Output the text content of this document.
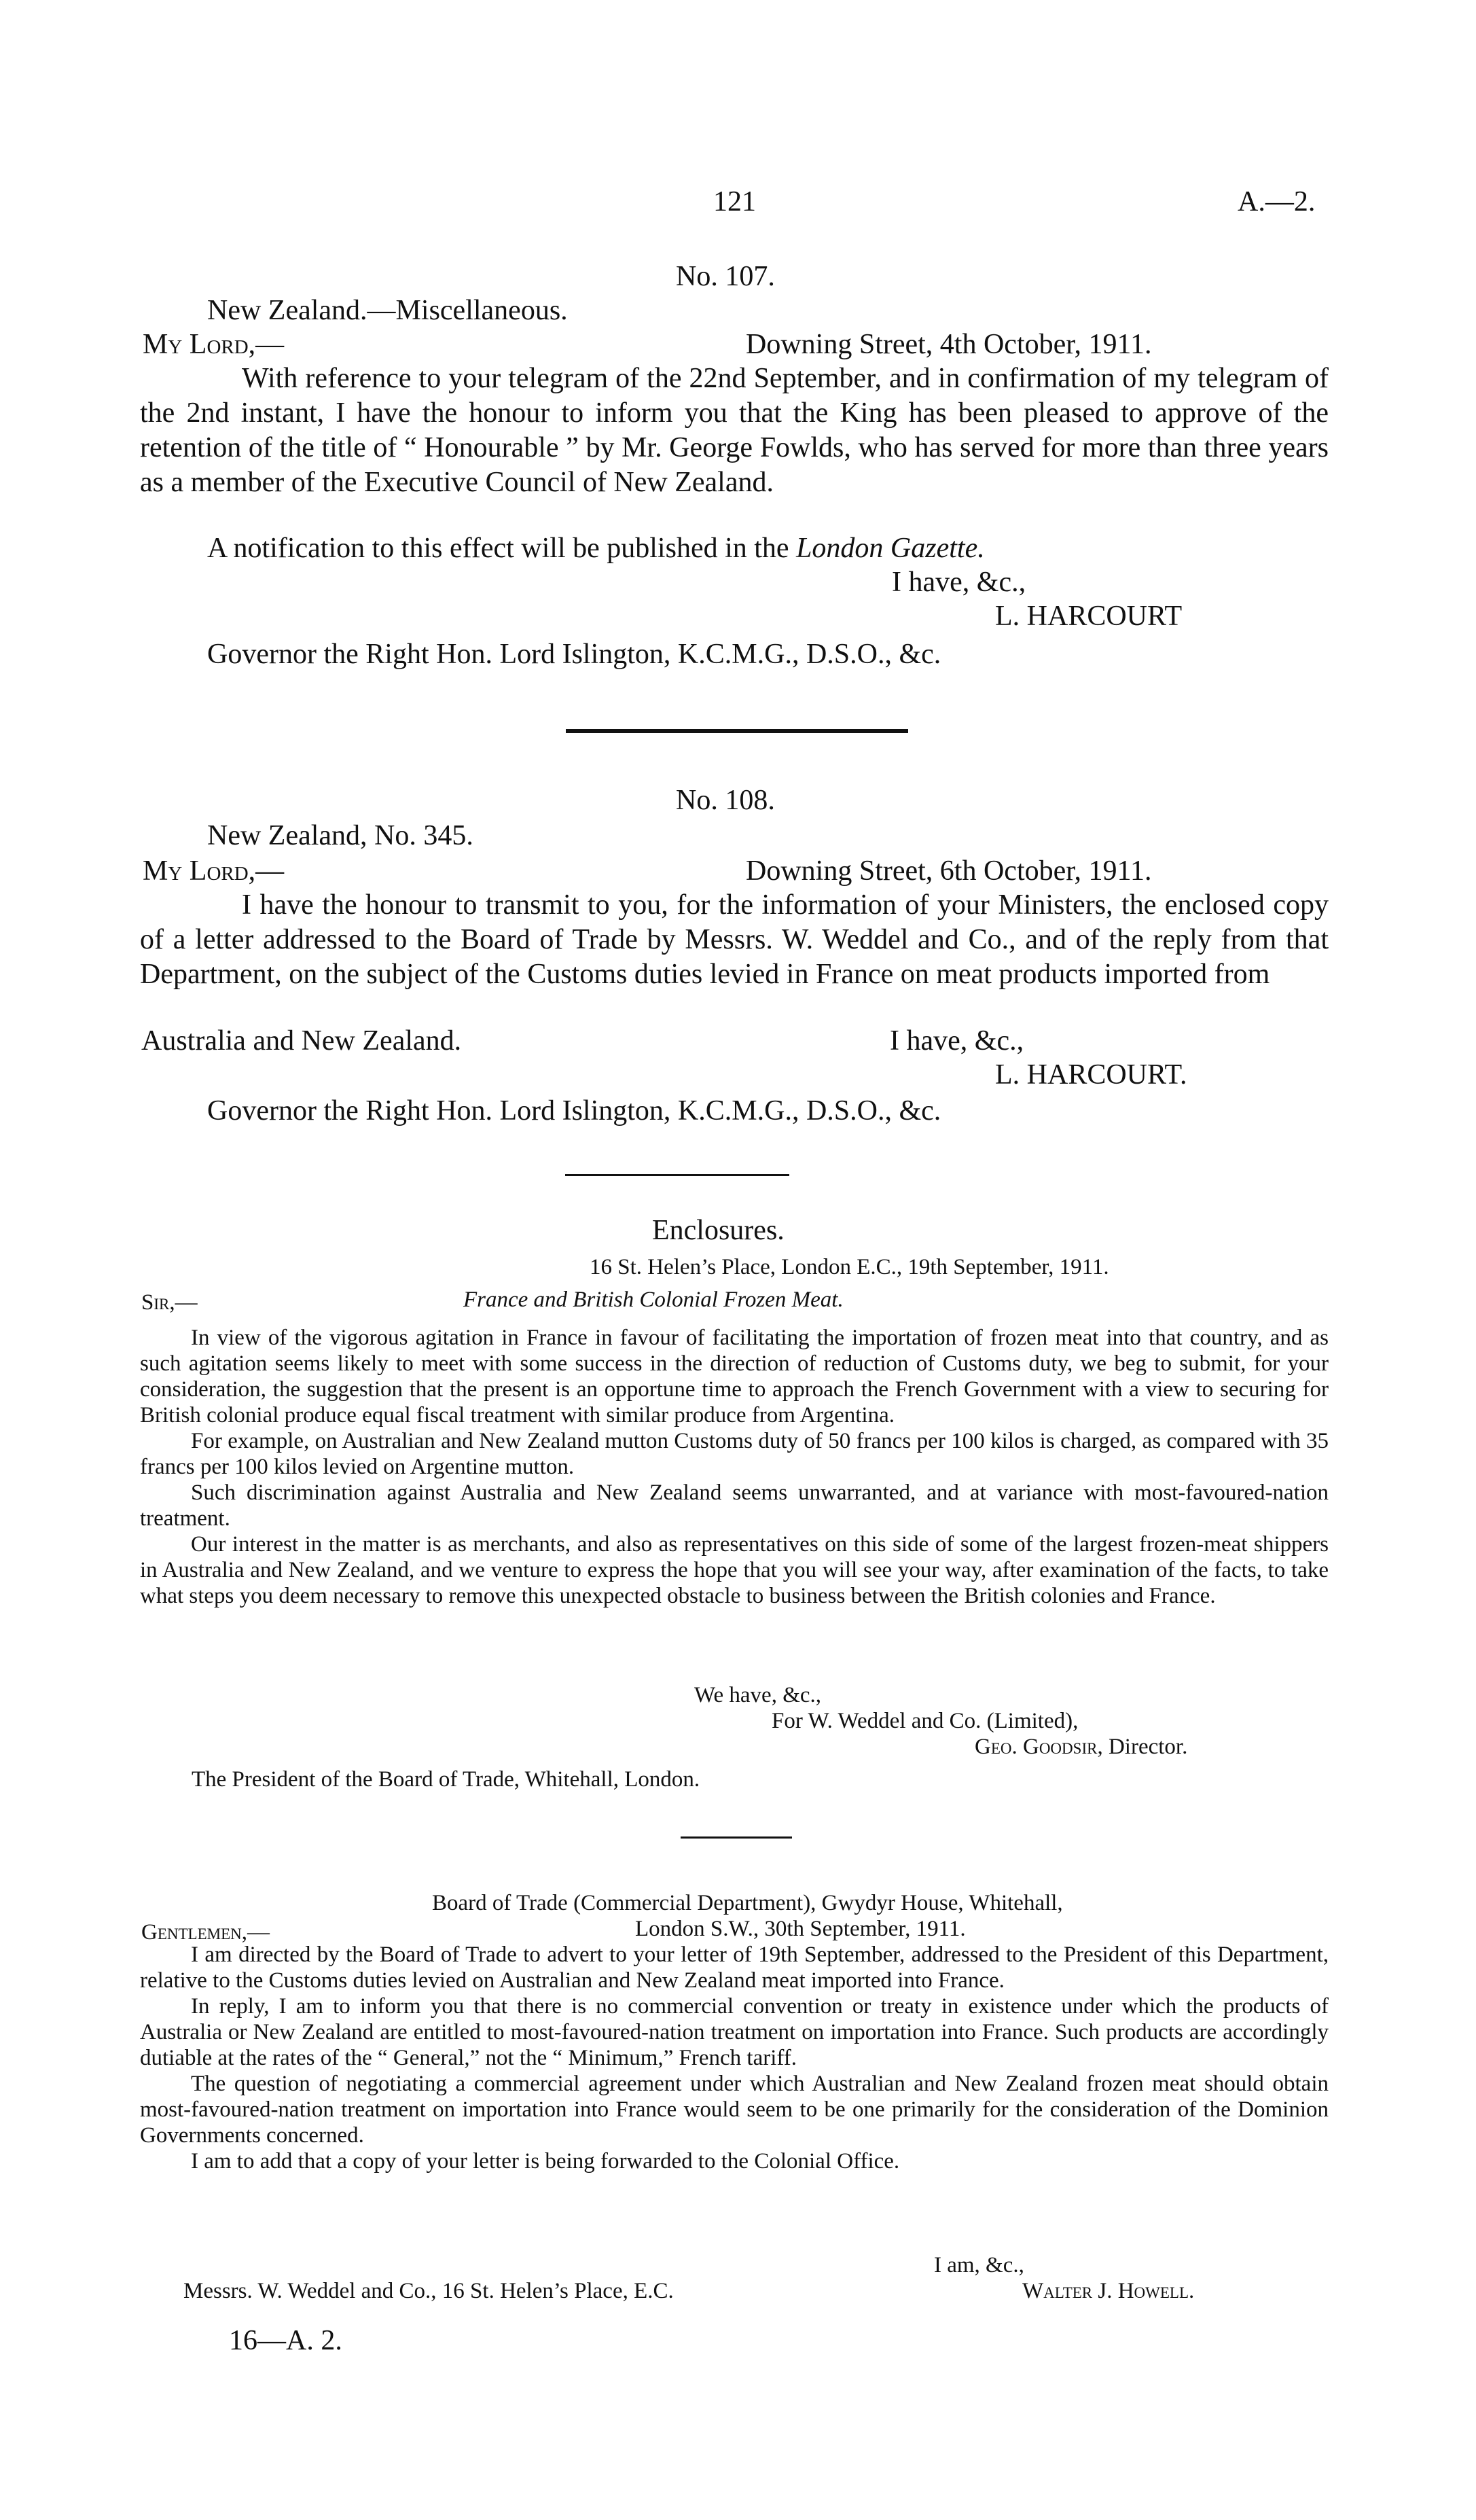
121	A.—2.
No. 107.
New Zealand.—Miscellaneous.
My Lord,—	Downing Street, 4th October, 1911.
With reference to your telegram of the 22nd September, and in confirmation of my telegram of the 2nd instant, I have the honour to inform you that the King has been pleased to approve of the retention of the title of “ Honourable ” by Mr. George Fowlds, who has served for more than three years as a member of the Executive Council of New Zealand.
A notification to this effect will be published in the London Gazette.
I have, &c.,
L. HARCOURT
Governor the Right Hon. Lord Islington, K.C.M.G., D.S.O., &c.
No. 108.
New Zealand, No. 345.
My Lord,—	Downing Street, 6th October, 1911.
I have the honour to transmit to you, for the information of your Ministers, the enclosed copy of a letter addressed to the Board of Trade by Messrs. W. Weddel and Co., and of the reply from that Department, on the subject of the Customs duties levied in France on meat products imported from
Australia and New Zealand.	I have, &c.,
L. HARCOURT.
Governor the Right Hon. Lord Islington, K.C.M.G., D.S.O., &c.
Enclosures.
16 St. Helen’s Place, London E.C., 19th September, 1911.
Sir,—	France and British Colonial Frozen Meat.
In view of the vigorous agitation in France in favour of facilitating the importation of frozen meat into that country, and as such agitation seems likely to meet with some success in the direction of reduction of Customs duty, we beg to submit, for your consideration, the suggestion that the present is an opportune time to approach the French Government with a view to securing for British colonial produce equal fiscal treatment with similar produce from Argentina.
For example, on Australian and New Zealand mutton Customs duty of 50 francs per 100 kilos is charged, as compared with 35 francs per 100 kilos levied on Argentine mutton.
Such discrimination against Australia and New Zealand seems unwarranted, and at variance with most-favoured-nation treatment.
Our interest in the matter is as merchants, and also as representatives on this side of some of the largest frozen-meat shippers in Australia and New Zealand, and we venture to express the hope that you will see your way, after examination of the facts, to take what steps you deem necessary to remove this unexpected obstacle to business between the British colonies and France.
We have, &c.,
For W. Weddel and Co. (Limited),
Geo. Goodsir, Director.
The President of the Board of Trade, Whitehall, London.
Board of Trade (Commercial Department), Gwydyr House, Whitehall,
Gentlemen,—	London S.W., 30th September, 1911.
I am directed by the Board of Trade to advert to your letter of 19th September, addressed to the President of this Department, relative to the Customs duties levied on Australian and New Zealand meat imported into France.
In reply, I am to inform you that there is no commercial convention or treaty in existence under which the products of Australia or New Zealand are entitled to most-favoured-nation treatment on importation into France. Such products are accordingly dutiable at the rates of the “ General,” not the “ Minimum,” French tariff.
The question of negotiating a commercial agreement under which Australian and New Zealand frozen meat should obtain most-favoured-nation treatment on importation into France would seem to be one primarily for the consideration of the Dominion Governments concerned.
I am to add that a copy of your letter is being forwarded to the Colonial Office.
I am, &c.,
Messrs. W. Weddel and Co., 16 St. Helen’s Place, E.C.	Walter J. Howell.
16—A. 2.
